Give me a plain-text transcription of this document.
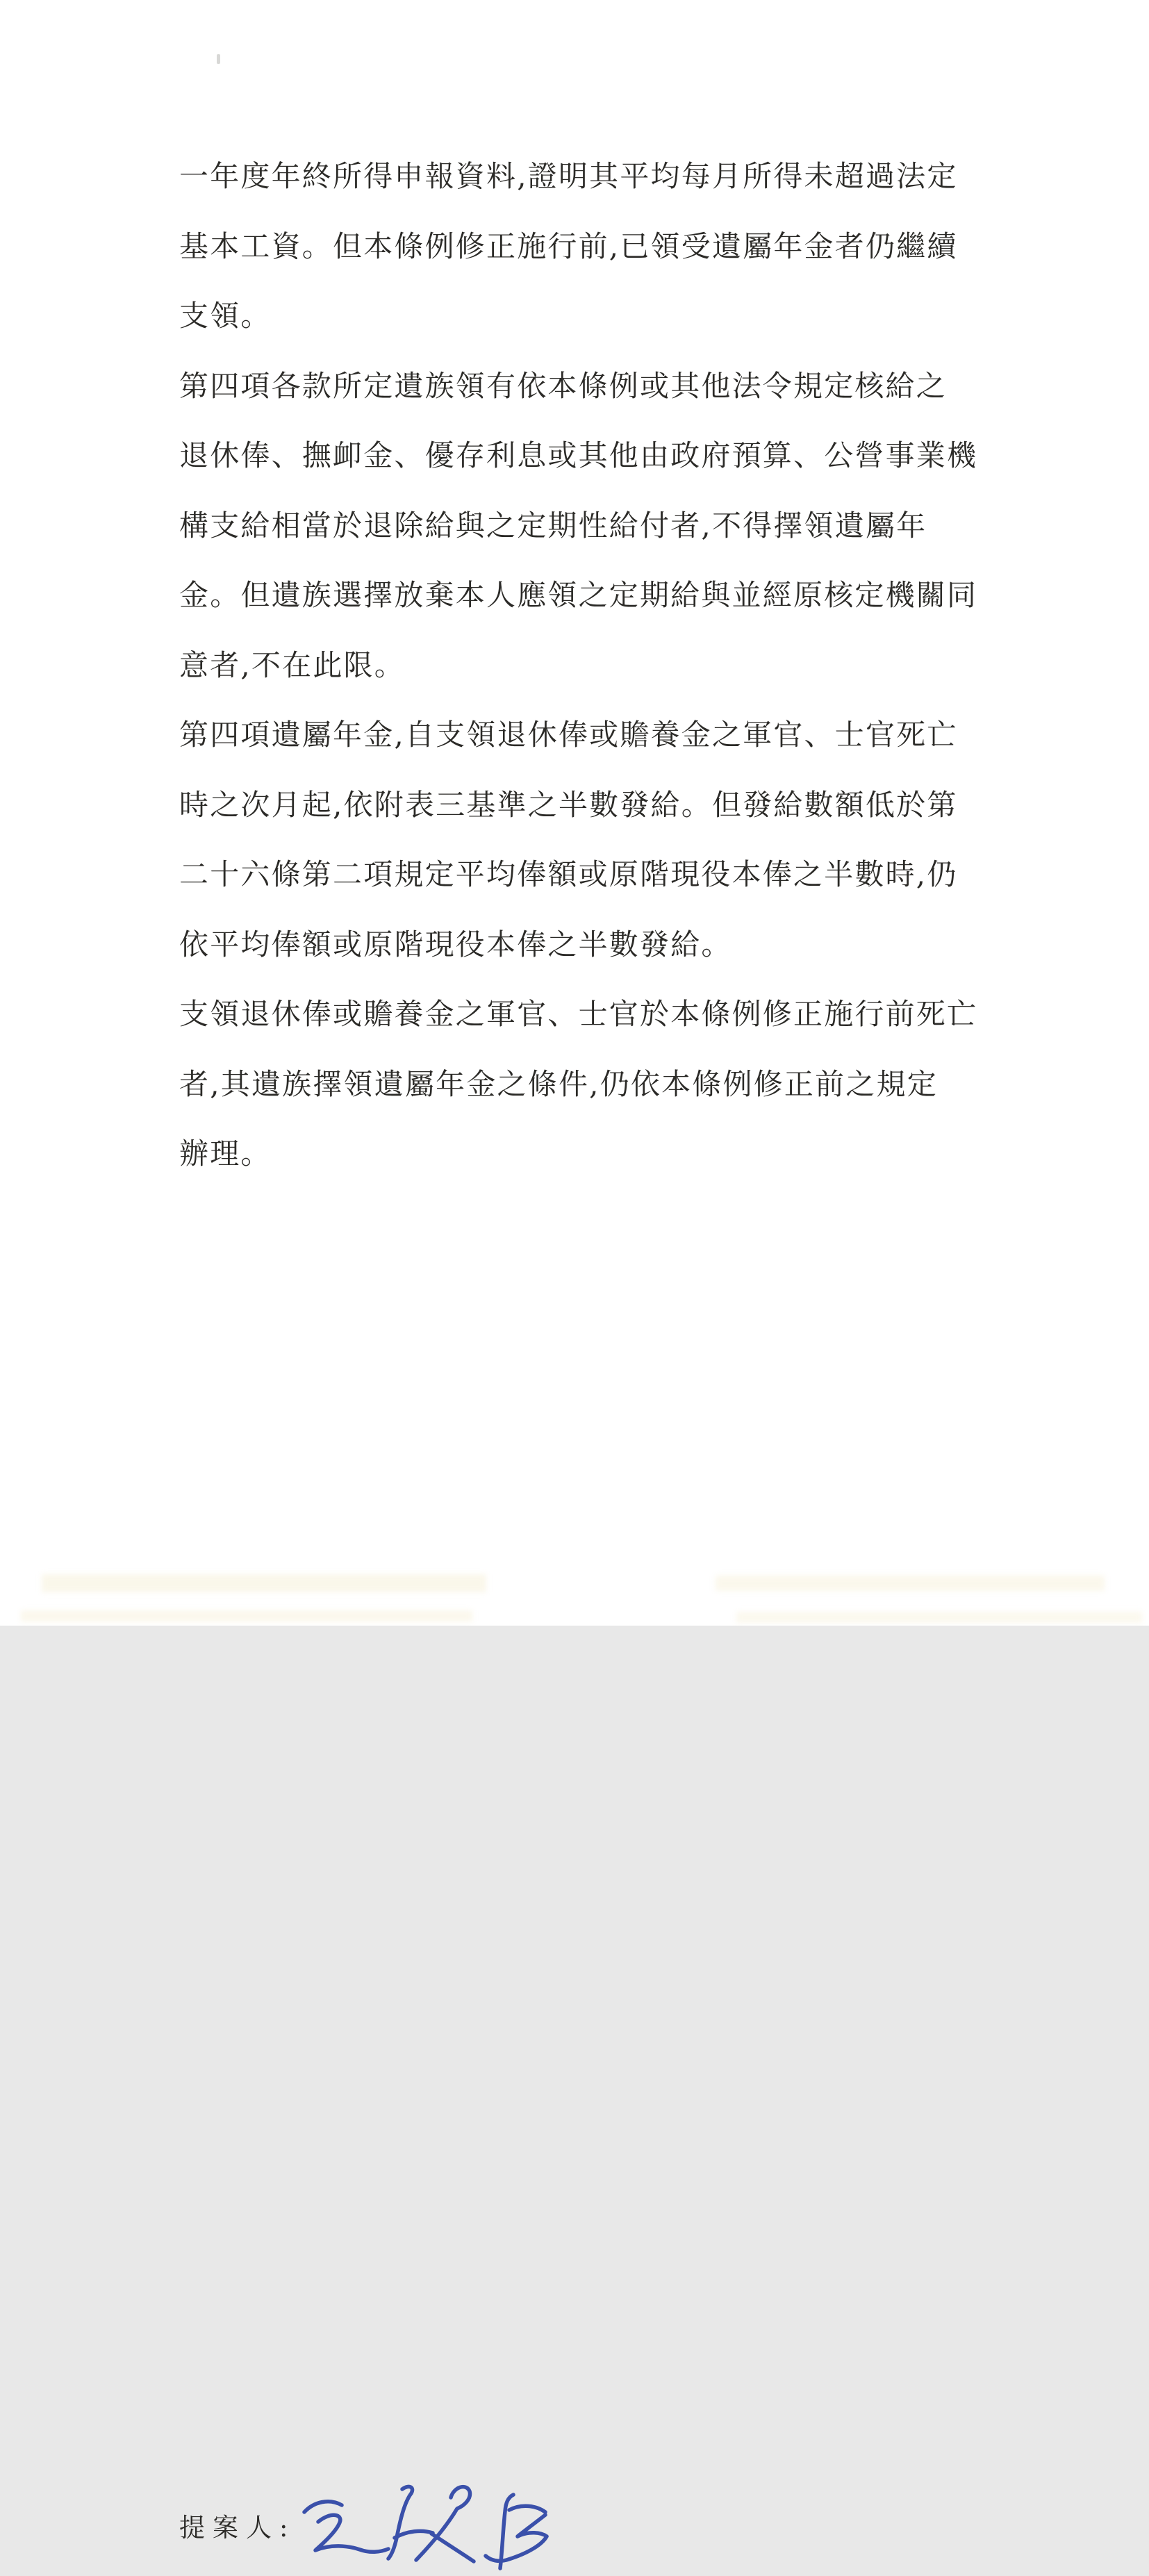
一年度年終所得申報資料,證明其平均每月所得未超過法定
基本工資。但本條例修正施行前,已領受遺屬年金者仍繼續
支領。
第四項各款所定遺族領有依本條例或其他法令規定核給之
退休俸、撫卹金、優存利息或其他由政府預算、公營事業機
構支給相當於退除給與之定期性給付者,不得擇領遺屬年
金。但遺族選擇放棄本人應領之定期給與並經原核定機關同
意者,不在此限。
第四項遺屬年金,自支領退休俸或贍養金之軍官、士官死亡
時之次月起,依附表三基準之半數發給。但發給數額低於第
二十六條第二項規定平均俸額或原階現役本俸之半數時,仍
依平均俸額或原階現役本俸之半數發給。
支領退休俸或贍養金之軍官、士官於本條例修正施行前死亡
者,其遺族擇領遺屬年金之條件,仍依本條例修正前之規定
辦理。
提案人:
